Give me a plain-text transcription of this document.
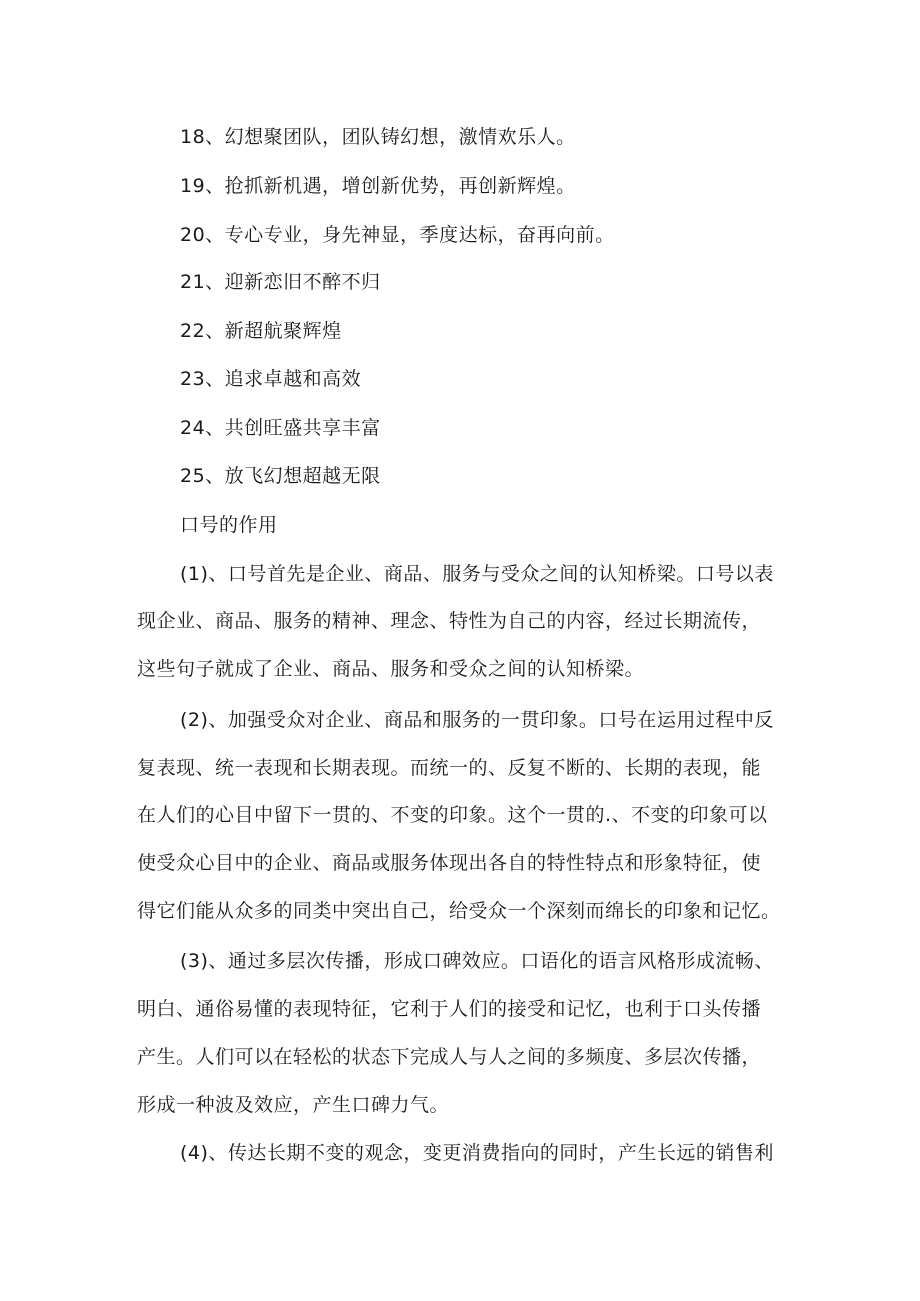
18、幻想聚团队，团队铸幻想，激情欢乐人。
19、抢抓新机遇，增创新优势，再创新辉煌。
20、专心专业，身先神显，季度达标，奋再向前。
21、迎新恋旧不醉不归
22、新超航聚辉煌
23、追求卓越和高效
24、共创旺盛共享丰富
25、放飞幻想超越无限
口号的作用
(1)、口号首先是企业、商品、服务与受众之间的认知桥梁。口号以表
现企业、商品、服务的精神、理念、特性为自己的内容，经过长期流传，
这些句子就成了企业、商品、服务和受众之间的认知桥梁。
(2)、加强受众对企业、商品和服务的一贯印象。口号在运用过程中反
复表现、统一表现和长期表现。而统一的、反复不断的、长期的表现，能
在人们的心目中留下一贯的、不变的印象。这个一贯的.、不变的印象可以
使受众心目中的企业、商品或服务体现出各自的特性特点和形象特征，使
得它们能从众多的同类中突出自己，给受众一个深刻而绵长的印象和记忆。
(3)、通过多层次传播，形成口碑效应。口语化的语言风格形成流畅、
明白、通俗易懂的表现特征，它利于人们的接受和记忆，也利于口头传播
产生。人们可以在轻松的状态下完成人与人之间的多频度、多层次传播，
形成一种波及效应，产生口碑力气。
(4)、传达长期不变的观念，变更消费指向的同时，产生长远的销售利
